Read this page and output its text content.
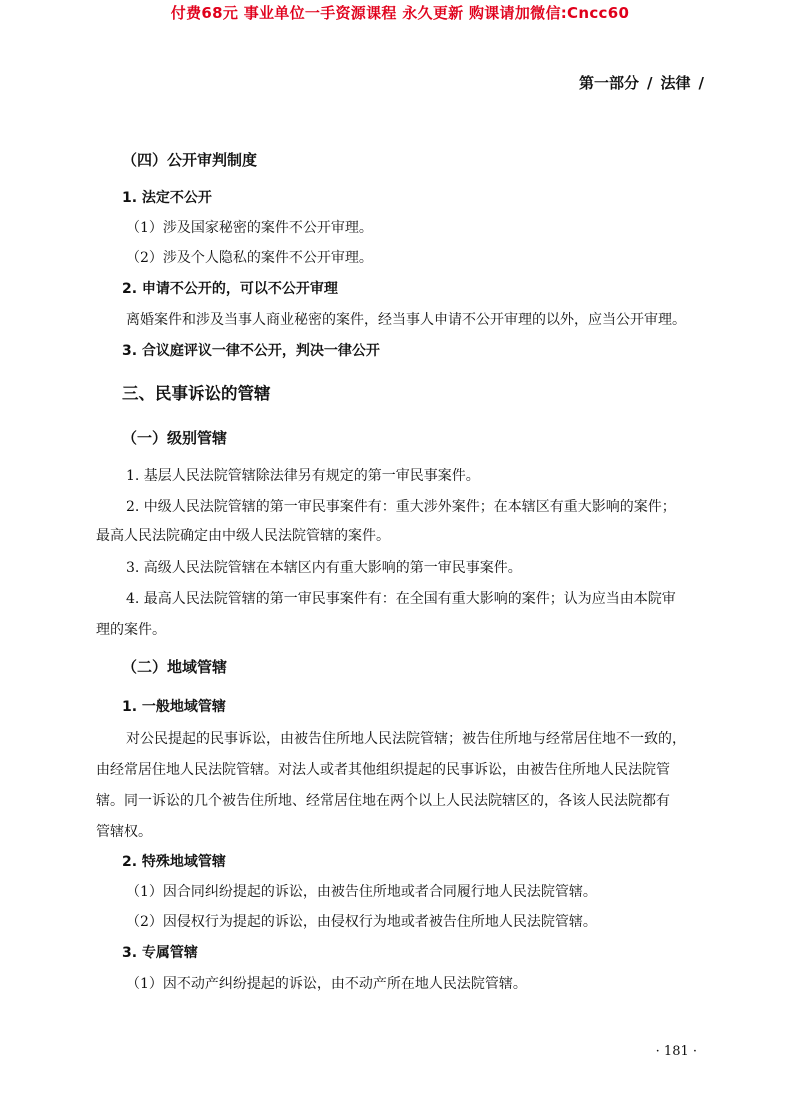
付费68元 事业单位一手资源课程 永久更新 购课请加微信:Cncc60
第一部分 / 法律 /
（四）公开审判制度
1. 法定不公开
（1）涉及国家秘密的案件不公开审理。
（2）涉及个人隐私的案件不公开审理。
2. 申请不公开的，可以不公开审理
离婚案件和涉及当事人商业秘密的案件，经当事人申请不公开审理的以外，应当公开审理。
3. 合议庭评议一律不公开，判决一律公开
三、民事诉讼的管辖
（一）级别管辖
1. 基层人民法院管辖除法律另有规定的第一审民事案件。
2. 中级人民法院管辖的第一审民事案件有：重大涉外案件；在本辖区有重大影响的案件；
最高人民法院确定由中级人民法院管辖的案件。
3. 高级人民法院管辖在本辖区内有重大影响的第一审民事案件。
4. 最高人民法院管辖的第一审民事案件有：在全国有重大影响的案件；认为应当由本院审
理的案件。
（二）地域管辖
1. 一般地域管辖
对公民提起的民事诉讼，由被告住所地人民法院管辖；被告住所地与经常居住地不一致的，
由经常居住地人民法院管辖。对法人或者其他组织提起的民事诉讼，由被告住所地人民法院管
辖。同一诉讼的几个被告住所地、经常居住地在两个以上人民法院辖区的，各该人民法院都有
管辖权。
2. 特殊地域管辖
（1）因合同纠纷提起的诉讼，由被告住所地或者合同履行地人民法院管辖。
（2）因侵权行为提起的诉讼，由侵权行为地或者被告住所地人民法院管辖。
3. 专属管辖
（1）因不动产纠纷提起的诉讼，由不动产所在地人民法院管辖。
· 181 ·
